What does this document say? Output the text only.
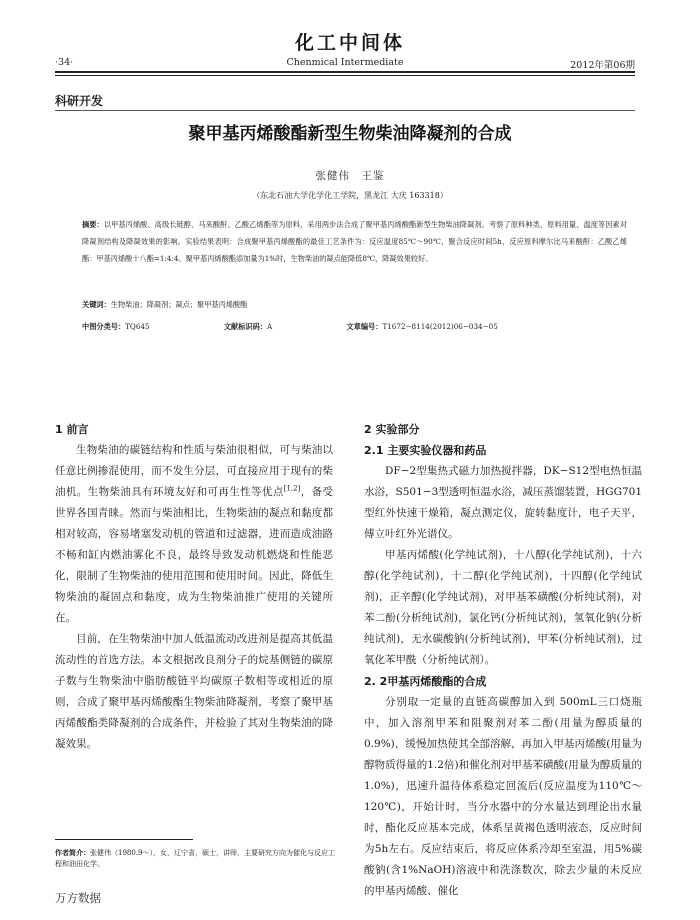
化工中间体
·34·	Chenmical Intermediate	2012年第06期
科研开发
聚甲基丙烯酸酯新型生物柴油降凝剂的合成
张健伟　王鉴
（东北石油大学化学化工学院，黑龙江 大庆 163318）
摘要：以甲基丙烯酸、高级长链醇、马来酸酐、乙酸乙烯酯等为原料，采用两步法合成了聚甲基丙烯酸酯新型生物柴油降凝剂。考察了原料种类、原料用量、温度等因素对降凝剂结构及降凝效果的影响。实验结果表明：合成聚甲基丙烯酸酯的最佳工艺条件为：反应温度85℃～90℃，聚合反应时间5h，反应原料摩尔比马来酸酐：乙酸乙烯酯：甲基丙烯酸十八酯=1:4:4。聚甲基丙烯酸酯添加量为1%时，生物柴油的凝点能降低8℃，降凝效果较好。
关键词：生物柴油；降凝剂；凝点；聚甲基丙烯酸酯
中图分类号：TQ645	文献标识码：A	文章编号：T1672−8114(2012)06−034−05
1 前言

生物柴油的碳链结构和性质与柴油很相似，可与柴油以任意比例掺混使用，而不发生分层，可直接应用于现有的柴油机。生物柴油具有环境友好和可再生性等优点[1,2]，备受世界各国青睐。然而与柴油相比，生物柴油的凝点和黏度都相对较高，容易堵塞发动机的管道和过滤器，进而造成油路不畅和缸内燃油雾化不良，最终导致发动机燃烧和性能恶化，限制了生物柴油的使用范围和使用时间。因此，降低生物柴油的凝固点和黏度，成为生物柴油推广使用的关键所在。

目前，在生物柴油中加人低温流动改进剂是提高其低温流动性的首选方法。本文根据改良剂分子的烷基侧链的碳原子数与生物柴油中脂肪酸链平均碳原子数相等或相近的原则，合成了聚甲基丙烯酸酯生物柴油降凝剂，考察了聚甲基丙烯酸酯类降凝剂的合成条件，并检验了其对生物柴油的降凝效果。

2 实验部分
2.1 主要实验仪器和药品

DF−2型集热式磁力加热搅拌器，DK−S12型电热恒温水浴，S501−3型透明恒温水浴，减压蒸馏装置，HGG701型红外快速干燥箱，凝点测定仪，旋转黏度计，电子天平，傅立叶红外光谱仪。

甲基丙烯酸(化学纯试剂)，十八醇(化学纯试剂)，十六醇(化学纯试剂)，十二醇(化学纯试剂)，十四醇(化学纯试剂)，正辛醇(化学纯试剂)，对甲基苯磺酸(分析纯试剂)，对苯二酚(分析纯试剂)，氯化钙(分析纯试剂)，氢氧化钠(分析纯试剂)，无水碳酸钠(分析纯试剂)，甲苯(分析纯试剂)，过氧化苯甲酰（分析纯试剂）。

2. 2甲基丙烯酸酯的合成

分别取一定量的直链高碳醇加入到 500mL三口烧瓶中，加入溶剂甲苯和阻聚剂对苯二酚(用量为醇质量的0.9%)，缓慢加热使其全部溶解，再加入甲基丙烯酸(用量为醇物质得量的1.2倍)和催化剂对甲基苯磺酸(用量为醇质量的1.0%)，迅速升温待体系稳定回流后(反应温度为110℃～120℃)，开始计时，当分水器中的分水量达到理论出水量时，酯化反应基本完成，体系呈黄褐色透明液态，反应时间为5h左右。反应结束后，将反应体系冷却至室温，用5%碳酸钠(含1%NaOH)溶液中和洗涤数次，除去少量的未反应的甲基丙烯酸、催化

作者简介：张健伟（1980.9～），女，辽宁省，硕士，讲师，主要研究方向为催化与反应工程和油田化学。
万方数据
